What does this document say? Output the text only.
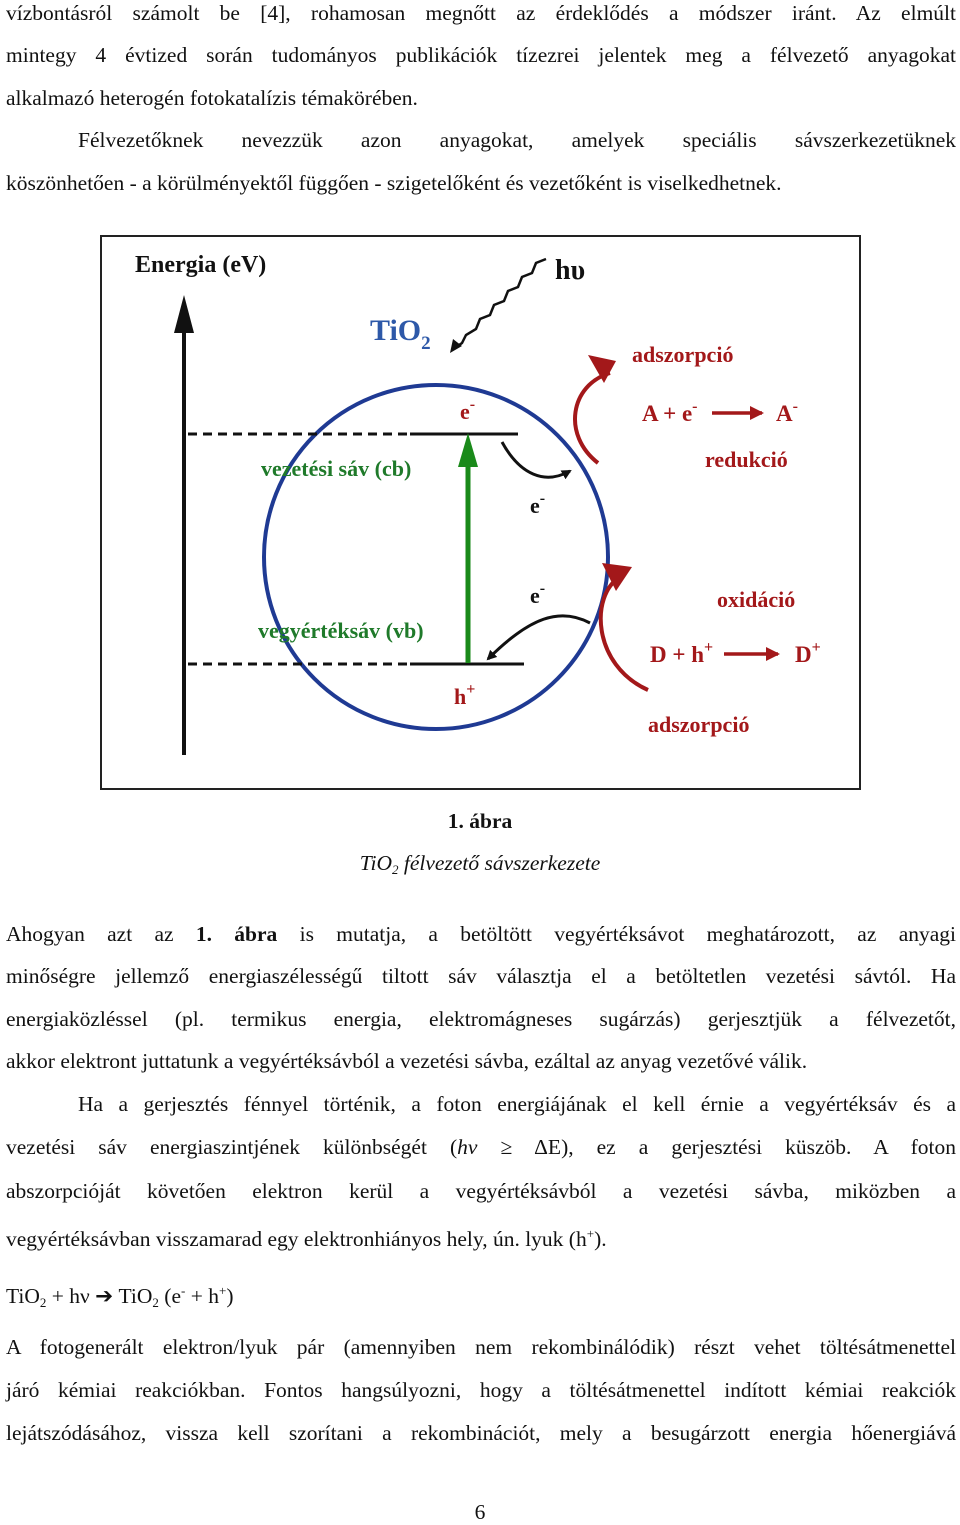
vízbontásról számolt be [4], rohamosan megnőtt az érdeklődés a módszer iránt. Az elmúlt
mintegy 4 évtized során tudományos publikációk tízezrei jelentek meg a félvezető anyagokat
alkalmazó heterogén fotokatalízis témakörében.
Félvezetőknek nevezzük azon anyagokat, amelyek speciális sávszerkezetüknek
köszönhetően - a körülményektől függően - szigetelőként és vezetőként is viselkedhetnek.
Energia (eV)	hυ
TiO$_2$
vezetési sáv (cb)
e-
vegyértéksáv (vb)
h+
e-
e-
adszorpció
A + e-	A-
redukció
oxidáció
D + h+	D+
adszorpció
1. ábra
TiO$_2$ félvezető sávszerkezete
Ahogyan azt az 1. ábra is mutatja, a betöltött vegyértéksávot meghatározott, az anyagi
minőségre jellemző energiaszélességű tiltott sáv választja el a betöltetlen vezetési sávtól. Ha
energiaközléssel (pl. termikus energia, elektromágneses sugárzás) gerjesztjük a félvezetőt,
akkor elektront juttatunk a vegyértéksávból a vezetési sávba, ezáltal az anyag vezetővé válik.
Ha a gerjesztés fénnyel történik, a foton energiájának el kell érnie a vegyértéksáv és a
vezetési sáv energiaszintjének különbségét (hν ≥ ΔE), ez a gerjesztési küszöb. A foton
abszorpcióját követően elektron kerül a vegyértéksávból a vezetési sávba, miközben a
vegyértéksávban visszamarad egy elektronhiányos hely, ún. lyuk (h+).
TiO$_2$ + hν ➔ TiO$_2$ (e- + h+)
A fotogenerált elektron/lyuk pár (amennyiben nem rekombinálódik) részt vehet töltésátmenettel
járó kémiai reakciókban. Fontos hangsúlyozni, hogy a töltésátmenettel indított kémiai reakciók
lejátszódásához, vissza kell szorítani a rekombinációt, mely a besugárzott energia hőenergiává
6
